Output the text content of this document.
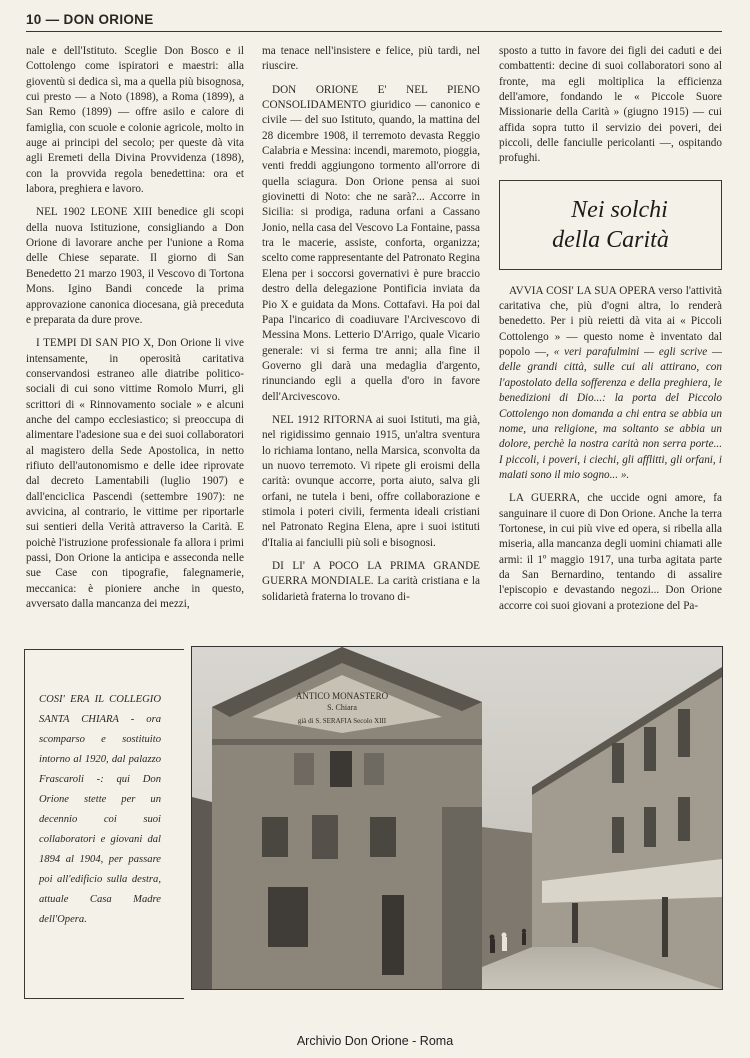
10 — DON ORIONE

nale e dell'Istituto. Sceglie Don Bosco e il Cottolengo come ispiratori e maestri: alla gioventù si dedica sì, ma a quella più bisognosa, cui presto — a Noto (1898), a Roma (1899), a San Remo (1899) — offre asilo e calore di famiglia, con scuole e colonie agricole, molto in auge ai principi del secolo; per queste dà vita agli Eremeti della Divina Provvidenza (1898), con la provvida regola benedettina: ora et labora, preghiera e lavoro.

NEL 1902 LEONE XIII benedice gli scopi della nuova Istituzione, consigliando a Don Orione di lavorare anche per l'unione a Roma delle Chiese separate. Il giorno di San Benedetto 21 marzo 1903, il Vescovo di Tortona Mons. Igino Bandi concede la prima approvazione canonica diocesana, già preceduta e preparata da dure prove.

I TEMPI DI SAN PIO X, Don Orione li vive intensamente, in operosità caritativa conservandosi estraneo alle diatribe politico-sociali di cui sono vittime Romolo Murri, gli scrittori di « Rinnovamento sociale » e alcuni anche del campo ecclesiastico; si preoccupa di alimentare l'adesione sua e dei suoi collaboratori al magistero della Sede Apostolica, in netto rifiuto dell'autonomismo e delle idee riprovate dal decreto Lamentabili (luglio 1907) e dall'enciclica Pascendi (settembre 1907): ne avvicina, al contrario, le vittime per riportarle sui sentieri della Verità attraverso la Carità. E poichè l'istruzione professionale fa allora i primi passi, Don Orione la anticipa e asseconda nelle sue Case con tipografie, falegnamerie, meccanica: è pioniere anche in questo, avversato dalla mancanza dei mezzi,

ma tenace nell'insistere e felice, più tardi, nel riuscire.

DON ORIONE E' NEL PIENO CONSOLIDAMENTO giuridico — canonico e civile — del suo Istituto, quando, la mattina del 28 dicembre 1908, il terremoto devasta Reggio Calabria e Messina: incendi, maremoto, pioggia, venti freddi aggiungono tormento all'orrore di quella sciagura. Don Orione pensa ai suoi giovinetti di Noto: che ne sarà?... Accorre in Sicilia: si prodiga, raduna orfani a Cassano Jonio, nella casa del Vescovo La Fontaine, passa tra le macerie, assiste, conforta, organizza; scelto come rappresentante del Patronato Regina Elena per i soccorsi governativi è pure braccio destro della delegazione Pontificia inviata da Pio X e guidata da Mons. Cottafavi. Ha poi dal Papa l'incarico di coadiuvare l'Arcivescovo di Messina Mons. Letterio D'Arrigo, quale Vicario generale: vi si ferma tre anni; alla fine il Governo gli darà una medaglia d'argento, rinunciando egli a quella d'oro in favore dell'Arcivescovo.

NEL 1912 RITORNA ai suoi Istituti, ma già, nel rigidissimo gennaio 1915, un'altra sventura lo richiama lontano, nella Marsica, sconvolta da un nuovo terremoto. Vi ripete gli eroismi della carità: ovunque accorre, porta aiuto, salva gli orfani, ne tutela i beni, offre collaborazione e stimola i poteri civili, fermenta ideali cristiani nel Patronato Regina Elena, apre i suoi istituti d'Italia ai fanciulli più soli e bisognosi.

DI LI' A POCO LA PRIMA GRANDE GUERRA MONDIALE. La carità cristiana e la solidarietà fraterna lo trovano di-

sposto a tutto in favore dei figli dei caduti e dei combattenti: decine di suoi collaboratori sono al fronte, ma egli moltiplica la efficienza dell'amore, fondando le « Piccole Suore Missionarie della Carità » (giugno 1915) — cui affida sopra tutto il servizio dei poveri, dei piccoli, delle fanciulle pericolanti —, ospitando profughi.

Nei solchi
della Carità

AVVIA COSI' LA SUA OPERA verso l'attività caritativa che, più d'ogni altra, lo renderà benedetto. Per i più reietti dà vita ai « Piccoli Cottolengo » — questo nome è inventato dal popolo —, « veri parafulmini — egli scrive — delle grandi città, sulle cui ali attirano, con l'apostolato della sofferenza e della preghiera, le benedizioni di Dio...: la porta del Piccolo Cottolengo non domanda a chi entra se abbia un nome, una religione, ma soltanto se abbia un dolore, perchè la nostra carità non serra porte... I piccoli, i poveri, i ciechi, gli afflitti, gli orfani, i malati sono il mio sogno... ».

LA GUERRA, che uccide ogni amore, fa sanguinare il cuore di Don Orione. Anche la terra Tortonese, in cui più vive ed opera, si ribella alla miseria, alla mancanza degli uomini chiamati alle armi: il 1º maggio 1917, una turba agitata parte da San Bernardino, tentando di assalire l'episcopio e devastando negozi... Don Orione accorre coi suoi giovani a protezione del Pa-

COSI' ERA IL COLLEGIO SANTA CHIARA - ora scomparso e sostituito intorno al 1920, dal palazzo Frascaroli -: qui Don Orione stette per un decennio coi suoi collaboratori e giovani dal 1894 al 1904, per passare poi all'edificio sulla destra, attuale Casa Madre dell'Opera.
ANTICO MONASTERO
S. Chiara
già di S. SERAFIA Secolo XIII
Archivio Don Orione - Roma
